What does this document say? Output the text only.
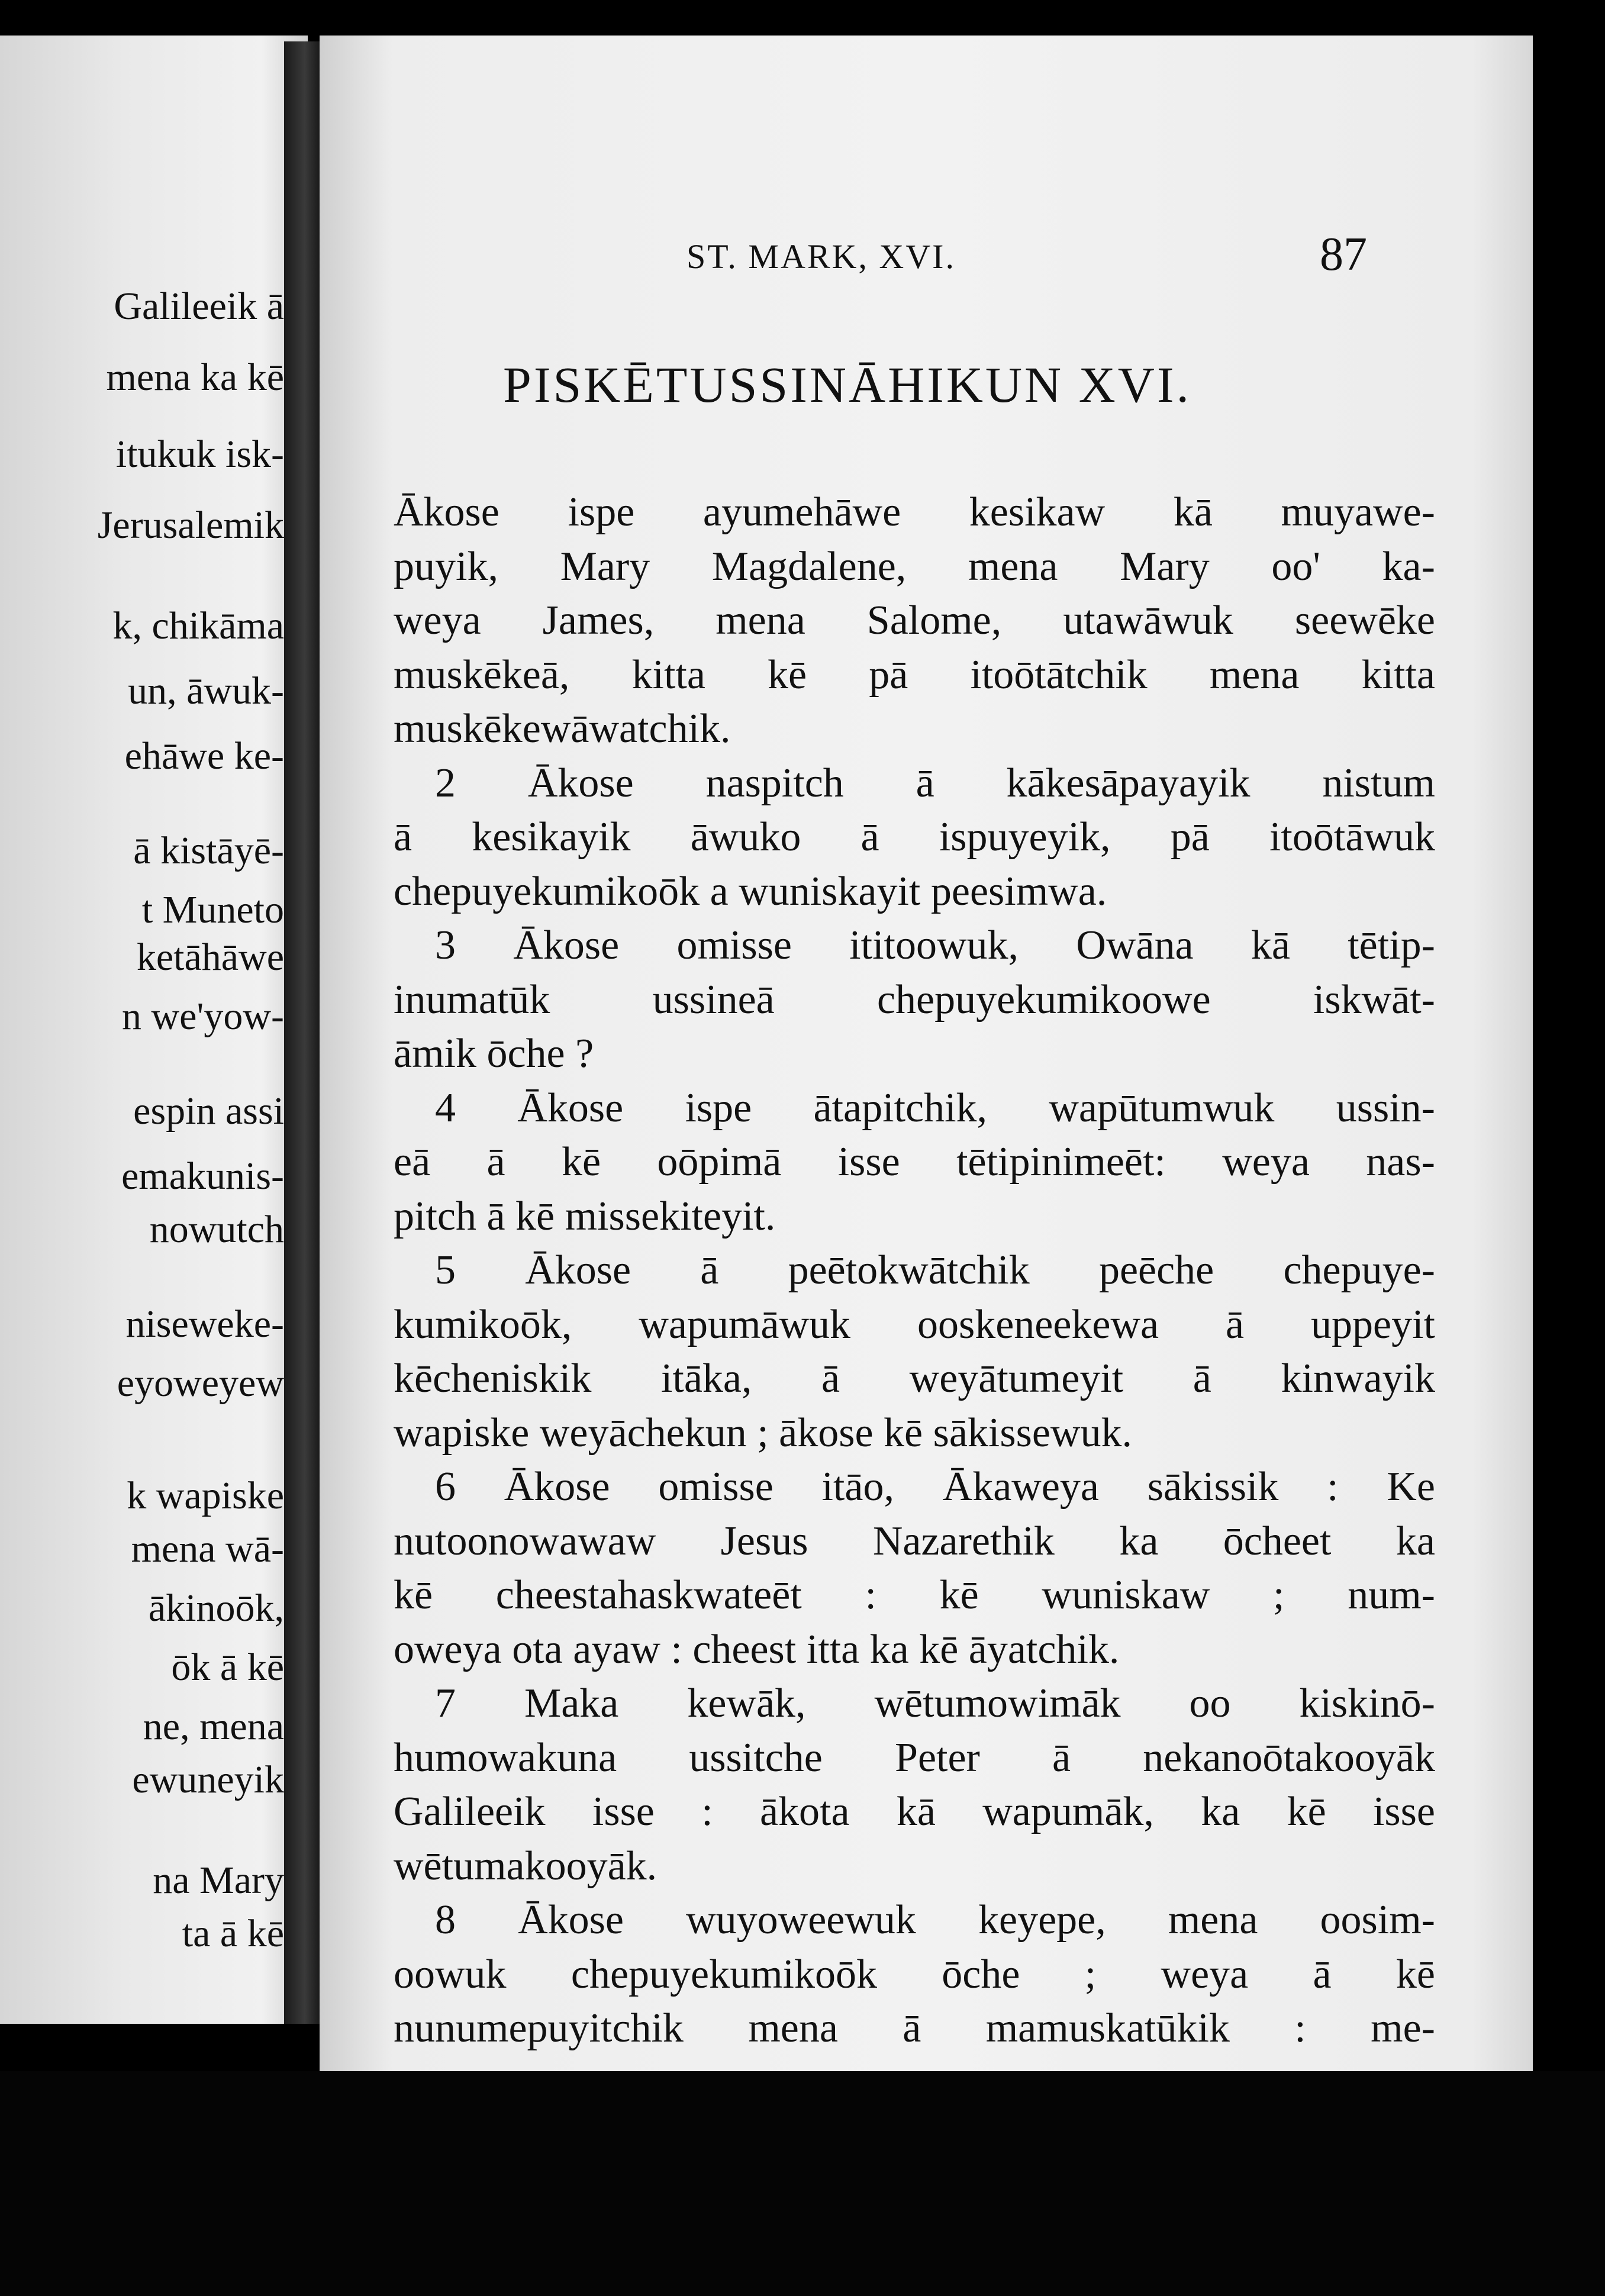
Galileeik ā
mena ka kē
itukuk isk-
Jerusalemik
k, chikāma
un, āwuk-
ehāwe ke-
ā kistāyē-
t Muneto
ketāhāwe
n we'yow-
espin assi
emakunis-
nowutch
niseweke-
eyoweyew
k wapiske
mena wā-
ākinoōk,
ōk ā kē
ne, mena
ewuneyik
na Mary
ta ā kē
ST. MARK, XVI.	87
PISKĒTUSSINĀHIKUN XVI.
Ākose ispe ayumehāwe kesikaw kā muyawe-
puyik, Mary Magdalene, mena Mary oo' ka-
weya James, mena Salome, utawāwuk seewēke
muskēkeā, kitta kē pā itoōtātchik mena kitta
muskēkewāwatchik.
2 Ākose naspitch ā kākesāpayayik nistum
ā kesikayik āwuko ā ispuyeyik, pā itoōtāwuk
chepuyekumikoōk a wuniskayit peesimwa.
3 Ākose omisse ititoowuk, Owāna kā tētip-
inumatūk ussineā chepuyekumikoowe iskwāt-
āmik ōche ?
4 Ākose ispe ātapitchik, wapūtumwuk ussin-
eā ā kē oōpimā isse tētipinimeēt: weya nas-
pitch ā kē missekiteyit.
5 Ākose ā peētokwātchik peēche chepuye-
kumikoōk, wapumāwuk ooskeneekewa ā uppeyit
kēcheniskik itāka, ā weyātumeyit ā kinwayik
wapiske weyāchekun ; ākose kē sākissewuk.
6 Ākose omisse itāo, Ākaweya sākissik : Ke
nutoonowawaw Jesus Nazarethik ka ōcheet ka
kē cheestahaskwateēt : kē wuniskaw ; num-
oweya ota ayaw : cheest itta ka kē āyatchik.
7 Maka kewāk, wētumowimāk oo kiskinō-
humowakuna ussitche Peter ā nekanoōtakooyāk
Galileeik isse : ākota kā wapumāk, ka kē isse
wētumakooyāk.
8 Ākose wuyoweewuk keyepe, mena oosim-
oowuk chepuyekumikoōk ōche ; weya ā kē
nunumepuyitchik mena ā mamuskatūkik : me-
